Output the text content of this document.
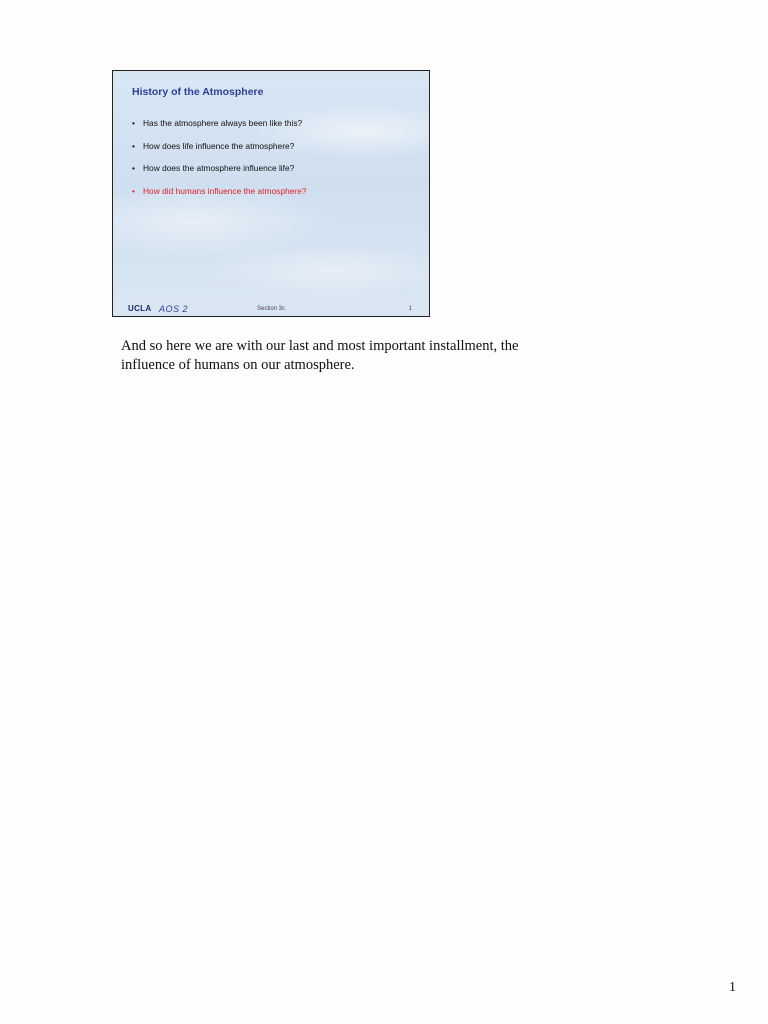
History of the Atmosphere
• Has the atmosphere always been like this?
• How does life influence the atmosphere?
• How does the atmosphere influence life?
• How did humans influence the atmosphere?
UCLA AOS 2	Section 3c	1

And so here we are with our last and most important installment, the influence of humans on our atmosphere.

1
